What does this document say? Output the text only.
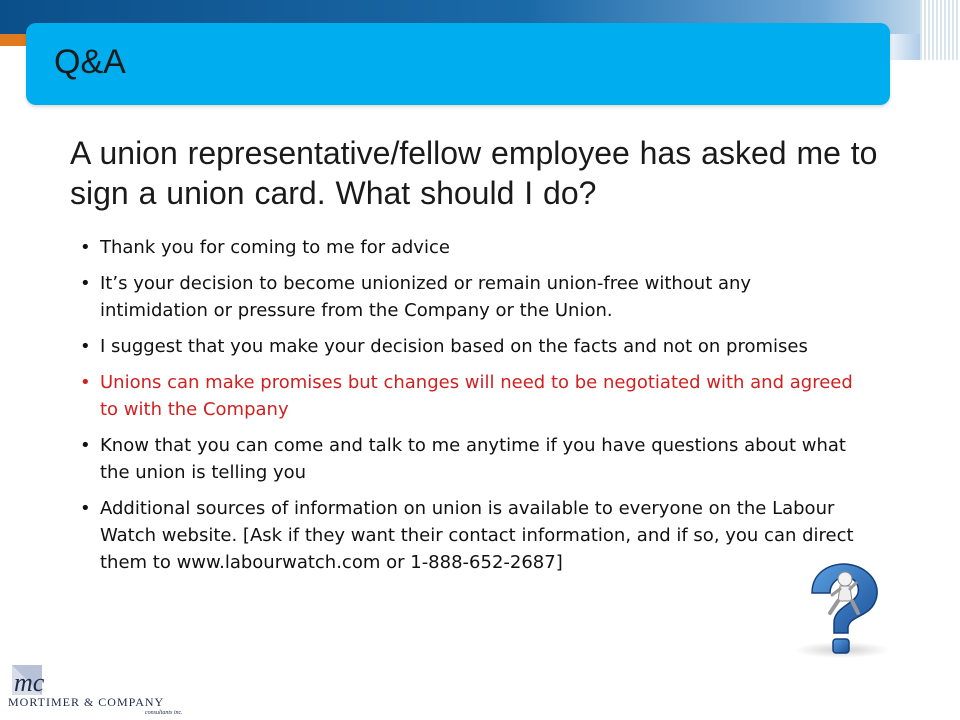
Q&A
A union representative/fellow employee has asked me to sign a union card. What should I do?
• Thank you for coming to me for advice
• It’s your decision to become unionized or remain union-free without any intimidation or pressure from the Company or the Union.
• I suggest that you make your decision based on the facts and not on promises
• Unions can make promises but changes will need to be negotiated with and agreed to with the Company
• Know that you can come and talk to me anytime if you have questions about what the union is telling you
• Additional sources of information on union is available to everyone on the Labour Watch website. [Ask if they want their contact information, and if so, you can direct them to www.labourwatch.com or 1-888-652-2687]
mc
MORTIMER & COMPANY
consultants inc.
